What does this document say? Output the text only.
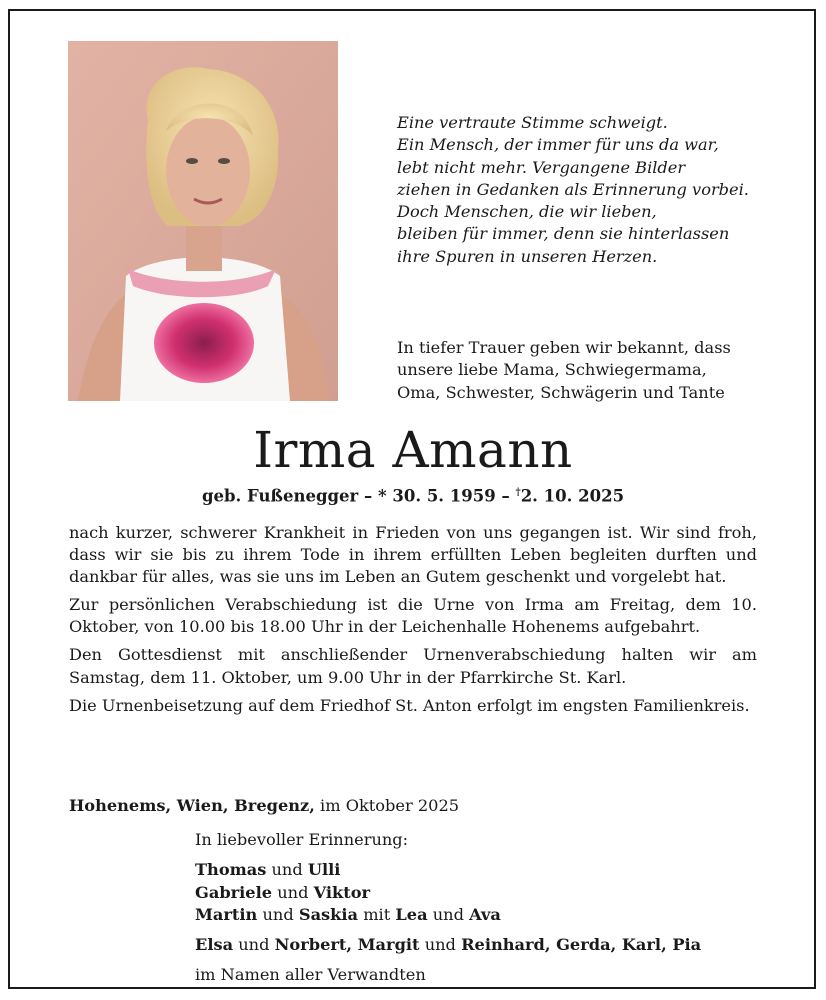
Eine vertraute Stimme schweigt.
Ein Mensch, der immer für uns da war,
lebt nicht mehr. Vergangene Bilder
ziehen in Gedanken als Erinnerung vorbei.
Doch Menschen, die wir lieben,
bleiben für immer, denn sie hinterlassen
ihre Spuren in unseren Herzen.
In tiefer Trauer geben wir bekannt, dass
unsere liebe Mama, Schwiegermama,
Oma, Schwester, Schwägerin und Tante
Irma Amann
geb. Fußenegger – * 30. 5. 1959 – †2. 10. 2025

nach kurzer, schwerer Krankheit in Frieden von uns gegangen ist. Wir sind froh, dass wir sie bis zu ihrem Tode in ihrem erfüllten Leben begleiten durften und dankbar für alles, was sie uns im Leben an Gutem geschenkt und vorgelebt hat.

Zur persönlichen Verabschiedung ist die Urne von Irma am Freitag, dem 10. Oktober, von 10.00 bis 18.00 Uhr in der Leichenhalle Hohenems aufgebahrt.

Den Gottesdienst mit anschließender Urnenverabschiedung halten wir am Samstag, dem 11. Oktober, um 9.00 Uhr in der Pfarrkirche St. Karl.

Die Urnenbeisetzung auf dem Friedhof St. Anton erfolgt im engsten Familienkreis.

Hohenems, Wien, Bregenz, im Oktober 2025
In liebevoller Erinnerung:
Thomas und Ulli
Gabriele und Viktor
Martin und Saskia mit Lea und Ava
Elsa und Norbert, Margit und Reinhard, Gerda, Karl, Pia
im Namen aller Verwandten
